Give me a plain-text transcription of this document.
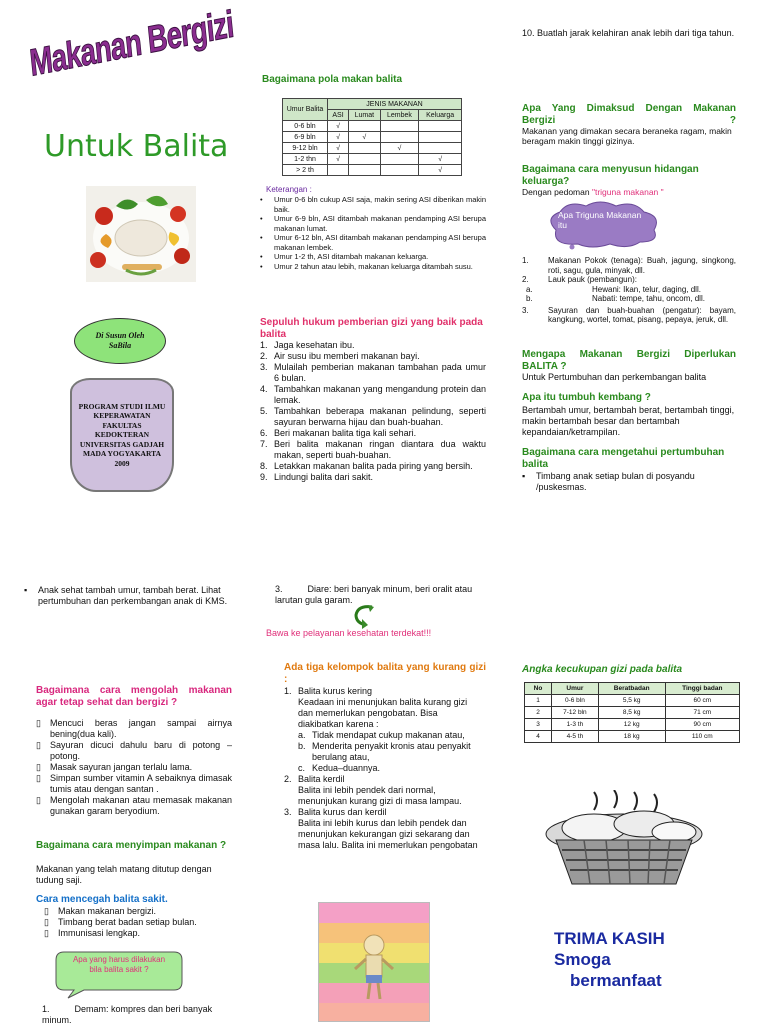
Makanan Bergizi
Untuk Balita
Di Susun Oleh
SaBila
PROGRAM STUDI ILMU KEPERAWATAN FAKULTAS KEDOKTERAN UNIVERSITAS GADJAH MADA YOGYAKARTA 2009
Bagaimana pola makan balita
Umur Balita	JENIS MAKANAN			
	ASI	Lumat	Lembek	Keluarga
0-6 bln	√			
6-9 bln	√	√		
9-12 bln	√		√	
1-2 thn	√			√
> 2 th				√
Keterangan :
•	Umur 0-6 bln cukup ASI saja, makin sering ASI diberikan makin baik.
•	Umur 6-9 bln, ASI ditambah makanan pendamping ASI berupa makanan lumat.
•	Umur 6-12 bln, ASI ditambah makanan pendamping ASI berupa makanan lembek.
•	Umur 1-2 th, ASI ditambah makanan keluarga.
•	Umur 2 tahun atau lebih, makanan keluarga ditambah susu.
Sepuluh hukum pemberian gizi yang baik pada balita
1. Jaga kesehatan ibu.
2. Air susu ibu memberi makanan bayi.
3. Mulailah pemberian makanan tambahan pada umur 6 bulan.
4. Tambahkan makanan yang mengandung protein dan lemak.
5. Tambahkan beberapa makanan pelindung, seperti sayuran berwarna hijau dan buah-buahan.
6. Beri makanan balita tiga kali sehari.
7. Beri balita makanan ringan diantara dua waktu makan, seperti buah-buahan.
8. Letakkan makanan balita pada piring yang bersih.
9. Lindungi balita dari sakit.
10. Buatlah jarak kelahiran anak lebih dari tiga tahun.
Apa Yang Dimaksud Dengan Makanan Bergizi ?
Makanan yang dimakan secara beraneka ragam, makin beragam makin tinggi gizinya.
Bagaimana cara menyusun hidangan keluarga?
Dengan pedoman "triguna makanan "
Apa Triguna Makanan itu
1.	Makanan Pokok (tenaga): Buah, jagung, singkong, roti, sagu, gula, minyak, dll.
2.	Lauk pauk (pembangun):
a.	Hewani: Ikan, telur, daging, dll.
b.	Nabati: tempe, tahu, oncom, dll.
3.	Sayuran dan buah-buahan (pengatur): bayam, kangkung, wortel, tomat, pisang, pepaya, jeruk, dll.
Mengapa Makanan Bergizi Diperlukan BALITA ?
Untuk Pertumbuhan dan perkembangan balita
Apa itu tumbuh kembang ?
Bertambah umur, bertambah berat, bertambah tinggi, makin bertambah besar dan bertambah kepandaian/ketrampilan.
Bagaimana cara mengetahui pertumbuhan balita
▪	Timbang anak setiap bulan di posyandu /puskesmas.
▪	Anak sehat tambah umur, tambah berat. Lihat pertumbuhan dan perkembangan anak di KMS.
Bagaimana cara mengolah makanan agar tetap sehat dan bergizi ?
▯	Mencuci beras jangan sampai airnya bening(dua kali).
▯	Sayuran dicuci dahulu baru di potong – potong.
▯	Masak sayuran jangan terlalu lama.
▯	Simpan sumber vitamin A sebaiknya dimasak tumis atau dengan santan .
▯	Mengolah makanan atau memasak makanan gunakan garam beryodium.
Bagaimana cara menyimpan makanan ?
Makanan yang telah matang ditutup dengan tudung saji.
Cara mencegah balita sakit.
▯	Makan makanan bergizi.
▯	Timbang berat badan setiap bulan.
▯	Immunisasi lengkap.
Apa yang harus dilakukan bila balita sakit ?
1.          Demam: kompres dan beri banyak minum.
3.          Diare: beri banyak minum, beri oralit atau larutan gula garam.
Bawa ke pelayanan kesehatan terdekat!!!
Ada tiga kelompok balita yang kurang gizi :
1. Balita kurus kering
Keadaan ini menunjukan balita kurang gizi dan memerlukan pengobatan. Bisa diakibatkan karena :
a. Tidak mendapat cukup makanan atau,
b. Menderita penyakit kronis atau penyakit berulang atau,
c. Kedua–duannya.
2. Balita kerdil
Balita ini lebih pendek dari normal, menunjukan kurang gizi di masa lampau.
3. Balita kurus dan kerdil
Balita ini lebih kurus dan lebih pendek dan menunjukan kekurangan gizi sekarang dan masa lalu. Balita ini memerlukan pengobatan
Angka kecukupan gizi pada balita
No	Umur	Beratbadan	Tinggi badan
1	0-6 bln	5,5 kg	60 cm
2	7-12 bln	8,5 kg	71 cm
3	1-3 th	12 kg	90 cm
4	4-5 th	18 kg	110 cm
TRIMA KASIH
Smoga
bermanfaat
